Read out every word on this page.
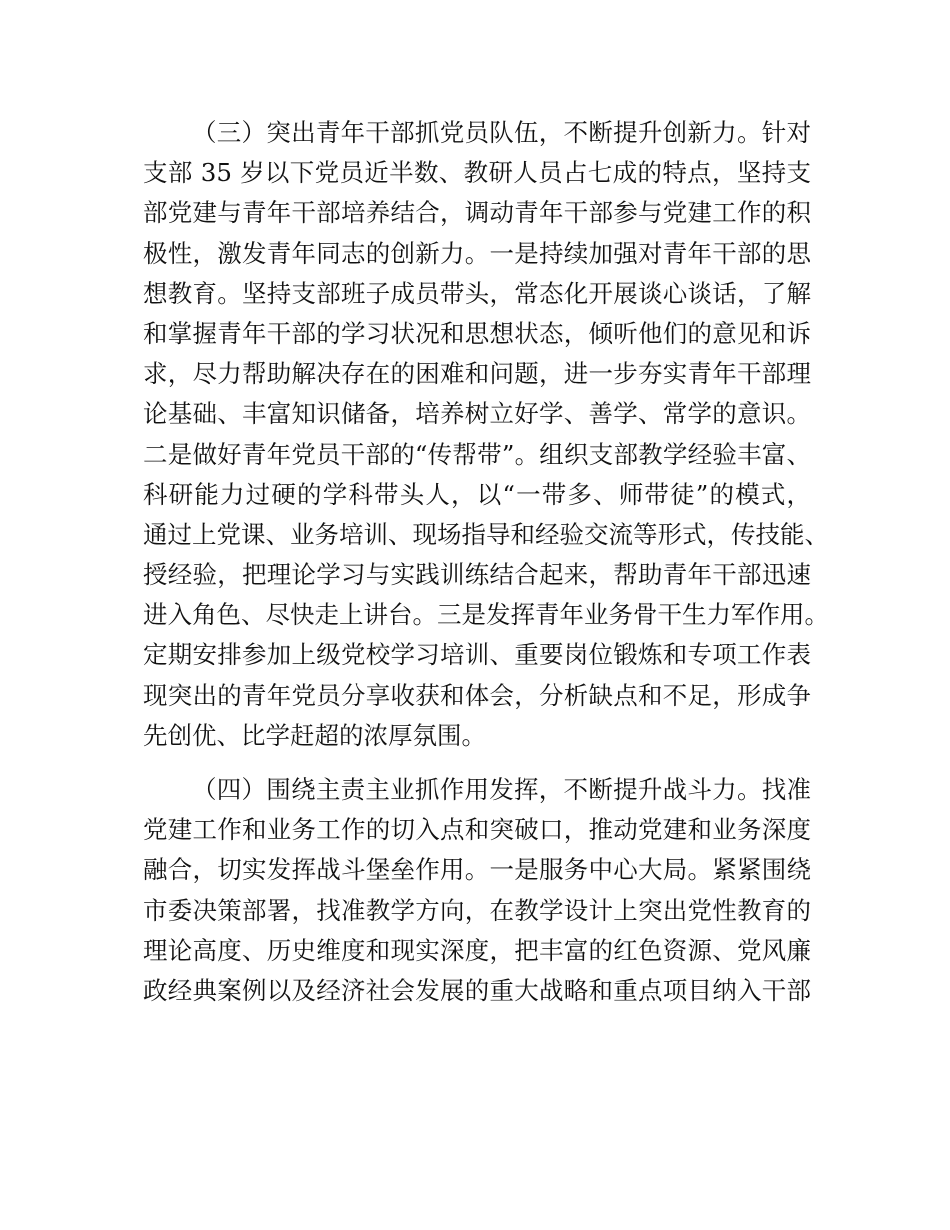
（三）突出青年干部抓党员队伍，不断提升创新力。针对
支部 35 岁以下党员近半数、教研人员占七成的特点，坚持支
部党建与青年干部培养结合，调动青年干部参与党建工作的积
极性，激发青年同志的创新力。一是持续加强对青年干部的思
想教育。坚持支部班子成员带头，常态化开展谈心谈话，了解
和掌握青年干部的学习状况和思想状态，倾听他们的意见和诉
求，尽力帮助解决存在的困难和问题，进一步夯实青年干部理
论基础、丰富知识储备，培养树立好学、善学、常学的意识。
二是做好青年党员干部的“传帮带”。组织支部教学经验丰富、
科研能力过硬的学科带头人，以“一带多、师带徒”的模式，
通过上党课、业务培训、现场指导和经验交流等形式，传技能、
授经验，把理论学习与实践训练结合起来，帮助青年干部迅速
进入角色、尽快走上讲台。三是发挥青年业务骨干生力军作用。
定期安排参加上级党校学习培训、重要岗位锻炼和专项工作表
现突出的青年党员分享收获和体会，分析缺点和不足，形成争
先创优、比学赶超的浓厚氛围。
（四）围绕主责主业抓作用发挥，不断提升战斗力。找准
党建工作和业务工作的切入点和突破口，推动党建和业务深度
融合，切实发挥战斗堡垒作用。一是服务中心大局。紧紧围绕
市委决策部署，找准教学方向，在教学设计上突出党性教育的
理论高度、历史维度和现实深度，把丰富的红色资源、党风廉
政经典案例以及经济社会发展的重大战略和重点项目纳入干部
